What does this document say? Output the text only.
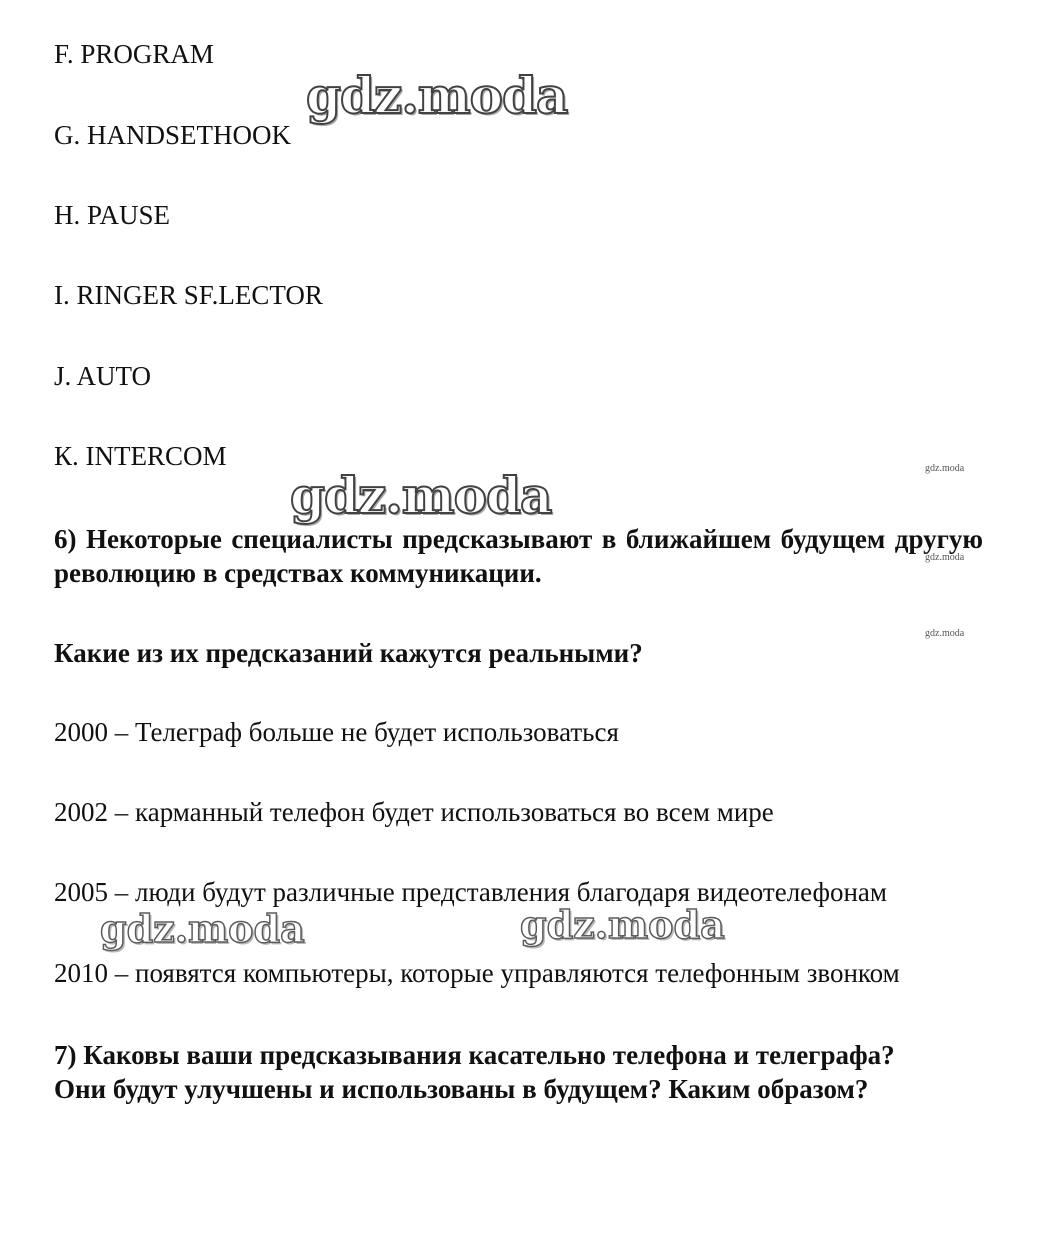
F. PROGRAM
G. HANDSETHOOK
H. PAUSE
I. RINGER SF.LECTOR
J. AUTO
К. INTERCOM
6) Некоторые специалисты предсказывают в ближайшем будущем другую революцию в средствах коммуникации.
Какие из их предсказаний кажутся реальными?
2000 – Телеграф больше не будет использоваться
2002 – карманный телефон будет использоваться во всем мире
2005 – люди будут различные представления благодаря видеотелефонам
2010 – появятся компьютеры, которые управляются телефонным звонком
7) Каковы ваши предсказывания касательно телефона и телеграфа?
Они будут улучшены и использованы в будущем? Каким образом?
gdz.moda
gdz.moda
gdz.moda	gdz.moda
gdz.moda
gdz.moda
gdz.moda
